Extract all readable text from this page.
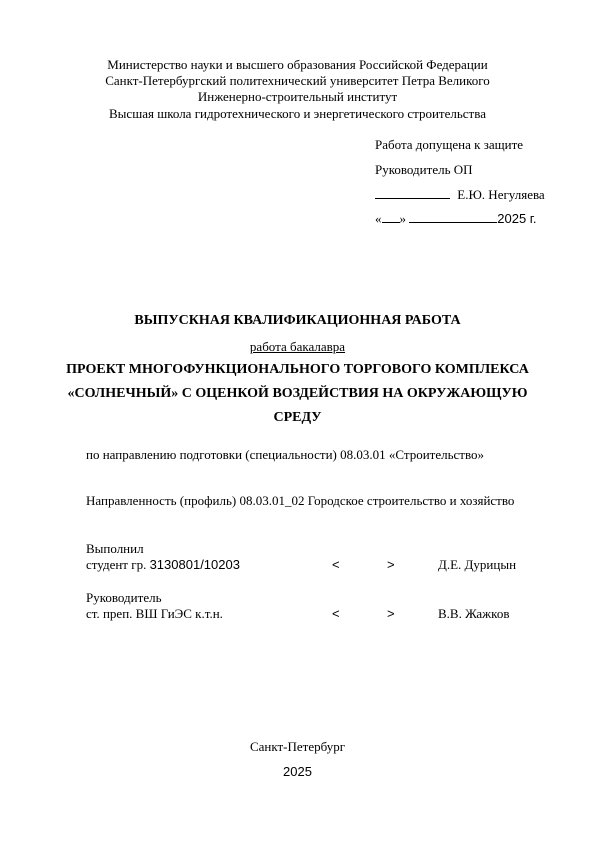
Министерство науки и высшего образования Российской Федерации
Санкт-Петербургский политехнический университет Петра Великого
Инженерно-строительный институт
Высшая школа гидротехнического и энергетического строительства
Работа допущена к защите
Руководитель ОП
Е.Ю. Негуляева
« »	2025 г.
ВЫПУСКНАЯ КВАЛИФИКАЦИОННАЯ РАБОТА
работа бакалавра
ПРОЕКТ МНОГОФУНКЦИОНАЛЬНОГО ТОРГОВОГО КОМПЛЕКСА
«СОЛНЕЧНЫЙ» С ОЦЕНКОЙ ВОЗДЕЙСТВИЯ НА ОКРУЖАЮЩУЮ
СРЕДУ
по направлению подготовки (специальности) 08.03.01 «Строительство»
Направленность (профиль) 08.03.01_02 Городское строительство и хозяйство
Выполнил
студент гр. 3130801/10203	<	>	Д.Е. Дурицын
Руководитель
ст. преп. ВШ ГиЭС к.т.н.	<	>	В.В. Жажков
Санкт-Петербург
2025
